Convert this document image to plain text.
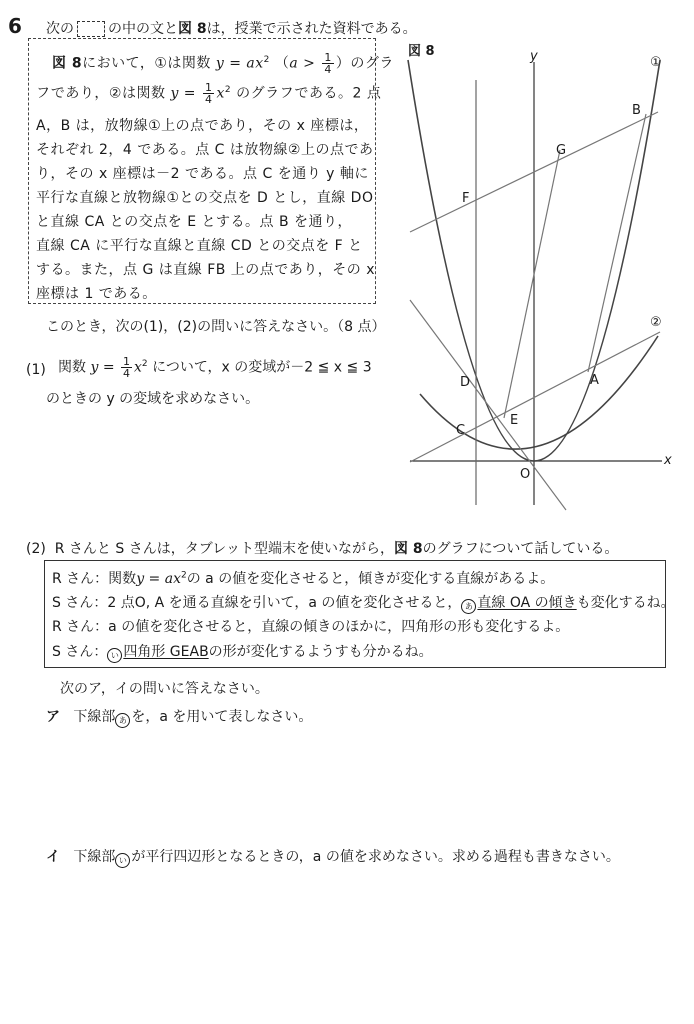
6 次の の中の文と図 8は，授業で示された資料である。
図 8において，①は関数 $y = ax^2$ （$a > \frac{1}{4}$ ）のグラ
フであり，②は関数 $y = \frac{1}{4} x^2$ のグラフである。2 点
A，B は，放物線①上の点であり，その x 座標は，
それぞれ 2，4 である。点 C は放物線②上の点であ
り，その x 座標は－2 である。点 C を通り y 軸に
平行な直線と放物線①との交点を D とし，直線 DO
と直線 CA との交点を E とする。点 B を通り，
直線 CA に平行な直線と直線 CD との交点を F と
する。また，点 G は直線 FB 上の点であり，その x
座標は 1 である。
このとき，次の(1)，(2)の問いに答えなさい。（8 点）
(1) 関数 $y = \frac{1}{4} x^2$ について，x の変域が－2 ≦ x ≦ 3
のときの y の変域を求めなさい。
図 8
x
y	①
②
A
B
C
D
E
F
G
O
(2) R さんと S さんは，タブレット型端末を使いながら，図 8のグラフについて話している。
R さん：関数$y = ax^2$の a の値を変化させると，傾きが変化する直線があるよ。
S さん：2 点O, A を通る直線を引いて，a の値を変化させると， あ 直線 OA の傾きも変化するね。
R さん：a の値を変化させると，直線の傾きのほかに，四角形の形も変化するよ。
S さん： い 四角形 GEABの形が変化するようすも分かるね。
次のア，イの問いに答えなさい。
ア 下線部 あ を，a を用いて表しなさい。
イ 下線部 い が平行四辺形となるときの，a の値を求めなさい。求める過程も書きなさい。
